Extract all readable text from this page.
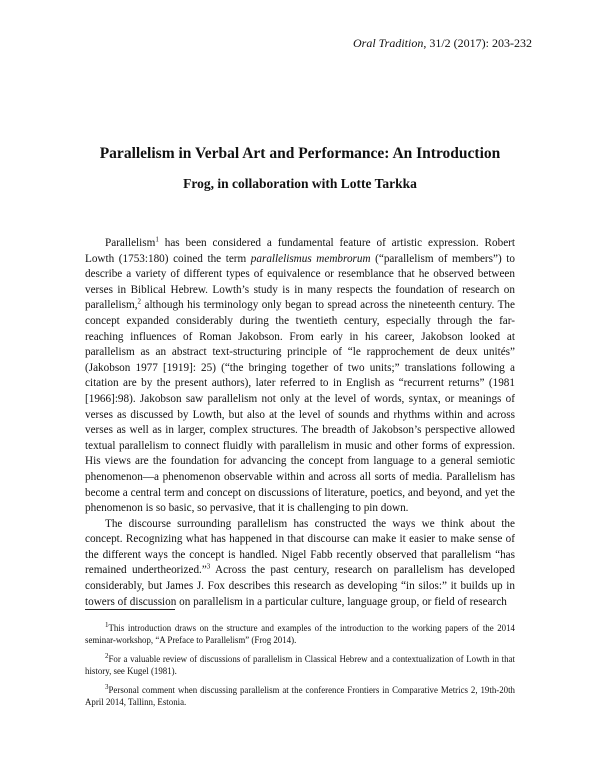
Oral Tradition, 31/2 (2017): 203-232
Parallelism in Verbal Art and Performance: An Introduction
Frog, in collaboration with Lotte Tarkka

Parallelism$^1$ has been considered a fundamental feature of artistic expression. Robert Lowth (1753:180) coined the term parallelismus membrorum (“parallelism of members”) to describe a variety of different types of equivalence or resemblance that he observed between verses in Biblical Hebrew. Lowth’s study is in many respects the foundation of research on parallelism,$^2$ although his terminology only began to spread across the nineteenth century. The concept expanded considerably during the twentieth century, especially through the far-reaching influences of Roman Jakobson. From early in his career, Jakobson looked at parallelism as an abstract text-structuring principle of “le rapprochement de deux unités” (Jakobson 1977 [1919]: 25) (“the bringing together of two units;” translations following a citation are by the present authors), later referred to in English as “recurrent returns” (1981 [1966]:98). Jakobson saw parallelism not only at the level of words, syntax, or meanings of verses as discussed by Lowth, but also at the level of sounds and rhythms within and across verses as well as in larger, complex structures. The breadth of Jakobson’s perspective allowed textual parallelism to connect fluidly with parallelism in music and other forms of expression. His views are the foundation for advancing the concept from language to a general semiotic phenomenon—a phenomenon observable within and across all sorts of media. Parallelism has become a central term and concept on discussions of literature, poetics, and beyond, and yet the phenomenon is so basic, so pervasive, that it is challenging to pin down.

The discourse surrounding parallelism has constructed the ways we think about the concept. Recognizing what has happened in that discourse can make it easier to make sense of the different ways the concept is handled. Nigel Fabb recently observed that parallelism “has remained undertheorized.”$^3$ Across the past century, research on parallelism has developed considerably, but James J. Fox describes this research as developing “in silos:” it builds up in towers of discussion on parallelism in a particular culture, language group, or field of research

$^1$This introduction draws on the structure and examples of the introduction to the working papers of the 2014 seminar-workshop, “A Preface to Parallelism” (Frog 2014).

$^2$For a valuable review of discussions of parallelism in Classical Hebrew and a contextualization of Lowth in that history, see Kugel (1981).

$^3$Personal comment when discussing parallelism at the conference Frontiers in Comparative Metrics 2, 19th-20th April 2014, Tallinn, Estonia.
